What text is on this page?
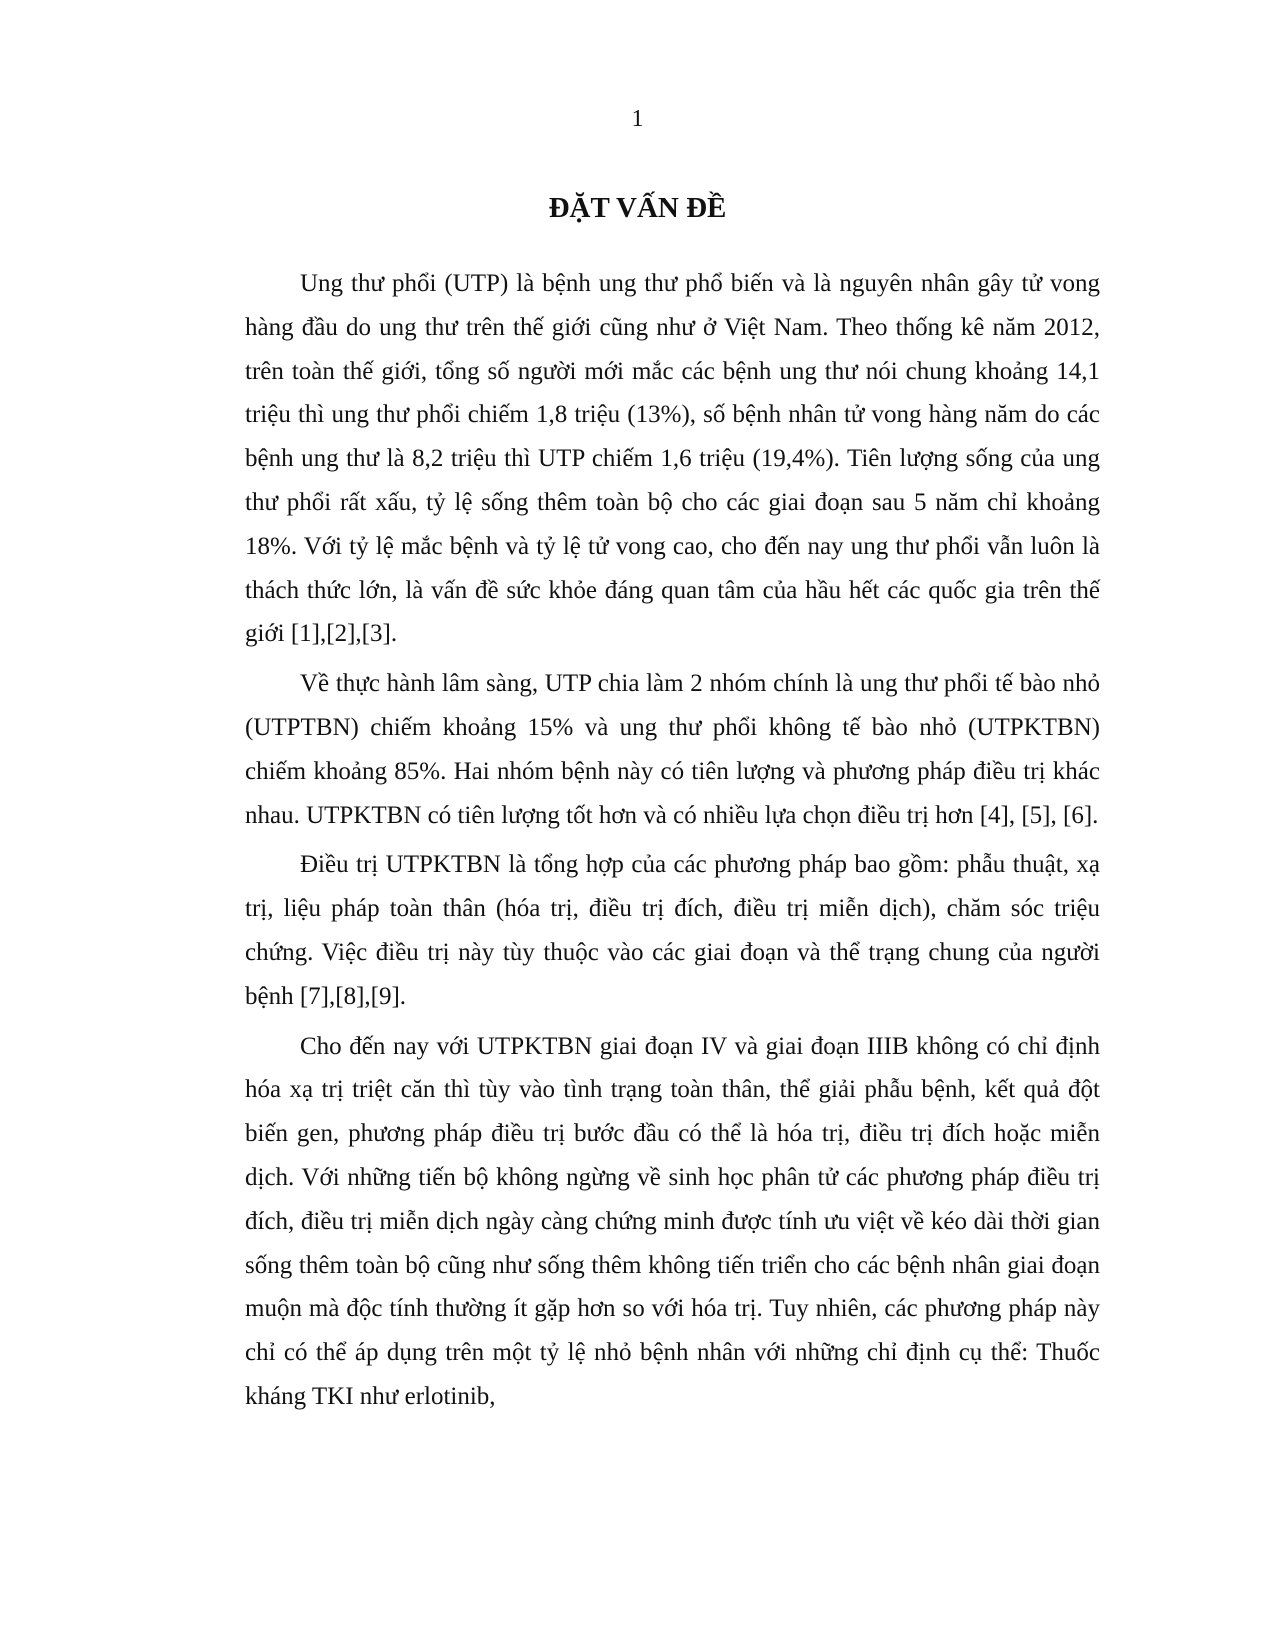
1
ĐẶT VẤN ĐỀ

Ung thư phổi (UTP) là bệnh ung thư phổ biến và là nguyên nhân gây tử vong hàng đầu do ung thư trên thế giới cũng như ở Việt Nam. Theo thống kê năm 2012, trên toàn thế giới, tổng số người mới mắc các bệnh ung thư nói chung khoảng 14,1 triệu thì ung thư phổi chiếm 1,8 triệu (13%), số bệnh nhân tử vong hàng năm do các bệnh ung thư là 8,2 triệu thì UTP chiếm 1,6 triệu (19,4%). Tiên lượng sống của ung thư phổi rất xấu, tỷ lệ sống thêm toàn bộ cho các giai đoạn sau 5 năm chỉ khoảng 18%. Với tỷ lệ mắc bệnh và tỷ lệ tử vong cao, cho đến nay ung thư phổi vẫn luôn là thách thức lớn, là vấn đề sức khỏe đáng quan tâm của hầu hết các quốc gia trên thế giới [1],[2],[3].

Về thực hành lâm sàng, UTP chia làm 2 nhóm chính là ung thư phổi tế bào nhỏ (UTPTBN) chiếm khoảng 15% và ung thư phổi không tế bào nhỏ (UTPKTBN) chiếm khoảng 85%. Hai nhóm bệnh này có tiên lượng và phương pháp điều trị khác nhau. UTPKTBN có tiên lượng tốt hơn và có nhiều lựa chọn điều trị hơn [4], [5], [6].

Điều trị UTPKTBN là tổng hợp của các phương pháp bao gồm: phẫu thuật, xạ trị, liệu pháp toàn thân (hóa trị, điều trị đích, điều trị miễn dịch), chăm sóc triệu chứng. Việc điều trị này tùy thuộc vào các giai đoạn và thể trạng chung của người bệnh [7],[8],[9].

Cho đến nay với UTPKTBN giai đoạn IV và giai đoạn IIIB không có chỉ định hóa xạ trị triệt căn thì tùy vào tình trạng toàn thân, thể giải phẫu bệnh, kết quả đột biến gen, phương pháp điều trị bước đầu có thể là hóa trị, điều trị đích hoặc miễn dịch. Với những tiến bộ không ngừng về sinh học phân tử các phương pháp điều trị đích, điều trị miễn dịch ngày càng chứng minh được tính ưu việt về kéo dài thời gian sống thêm toàn bộ cũng như sống thêm không tiến triển cho các bệnh nhân giai đoạn muộn mà độc tính thường ít gặp hơn so với hóa trị. Tuy nhiên, các phương pháp này chỉ có thể áp dụng trên một tỷ lệ nhỏ bệnh nhân với những chỉ định cụ thể: Thuốc kháng TKI như erlotinib,
